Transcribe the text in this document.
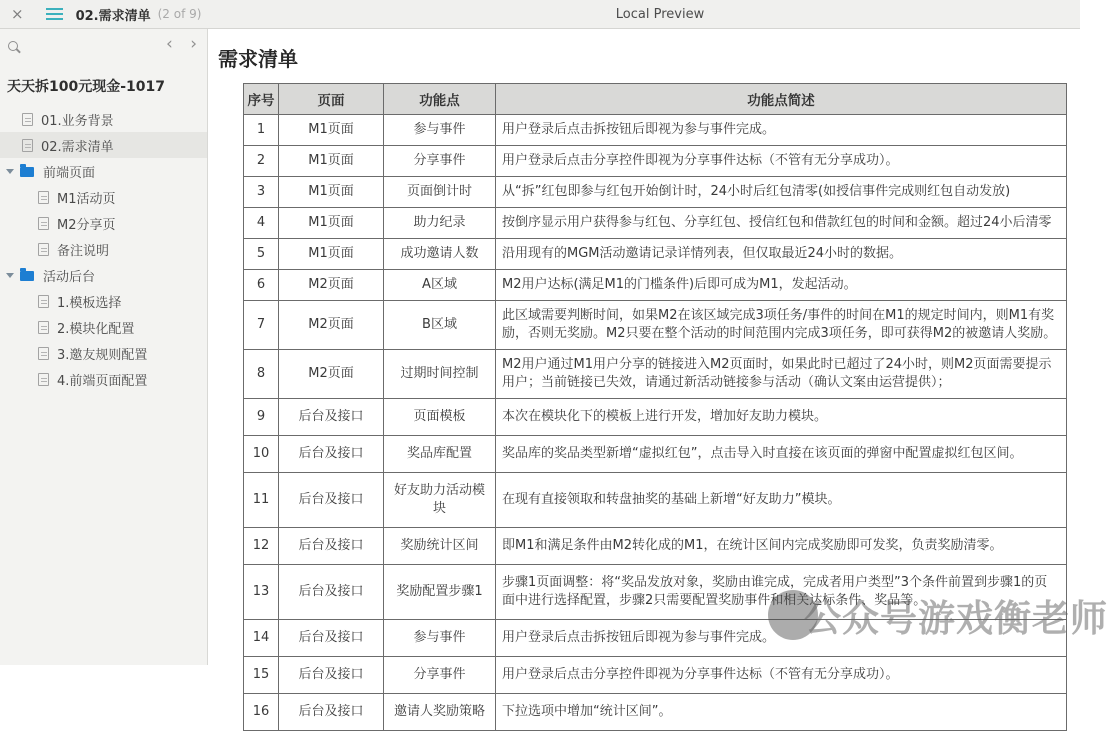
×	02.需求清单 (2 of 9)	Local Preview
‹ ›
天天拆100元现金-1017
01.业务背景
02.需求清单
前端页面
M1活动页
M2分享页
备注说明
活动后台
1.模板选择
2.模块化配置
3.邀友规则配置
4.前端页面配置
需求清单
序号	页面	功能点	功能点简述
1	M1页面	参与事件	用户登录后点击拆按钮后即视为参与事件完成。
2	M1页面	分享事件	用户登录后点击分享控件即视为分享事件达标（不管有无分享成功）。
3	M1页面	页面倒计时	从“拆”红包即参与红包开始倒计时，24小时后红包清零(如授信事件完成则红包自动发放)
4	M1页面	助力纪录	按倒序显示用户获得参与红包、分享红包、授信红包和借款红包的时间和金额。超过24小后清零
5	M1页面	成功邀请人数	沿用现有的MGM活动邀请记录详情列表，但仅取最近24小时的数据。
6	M2页面	A区域	M2用户达标(满足M1的门槛条件)后即可成为M1，发起活动。
7	M2页面	B区域	此区域需要判断时间，如果M2在该区域完成3项任务/事件的时间在M1的规定时间内，则M1有奖励，否则无奖励。M2只要在整个活动的时间范围内完成3项任务，即可获得M2的被邀请人奖励。
8	M2页面	过期时间控制	M2用户通过M1用户分享的链接进入M2页面时，如果此时已超过了24小时，则M2页面需要提示用户；当前链接已失效，请通过新活动链接参与活动（确认文案由运营提供）；
9	后台及接口	页面模板	本次在模块化下的模板上进行开发，增加好友助力模块。
10	后台及接口	奖品库配置	奖品库的奖品类型新增“虚拟红包”，点击导入时直接在该页面的弹窗中配置虚拟红包区间。
11	后台及接口	好友助力活动模块	在现有直接领取和转盘抽奖的基础上新增“好友助力”模块。
12	后台及接口	奖励统计区间	即M1和满足条件由M2转化成的M1，在统计区间内完成奖励即可发奖，负责奖励清零。
13	后台及接口	奖励配置步骤1	步骤1页面调整：将“奖品发放对象，奖励由谁完成，完成者用户类型”3个条件前置到步骤1的页面中进行选择配置，步骤2只需要配置奖励事件和相关达标条件、奖品等。
14	后台及接口	参与事件	用户登录后点击拆按钮后即视为参与事件完成。
15	后台及接口	分享事件	用户登录后点击分享控件即视为分享事件达标（不管有无分享成功）。
16	后台及接口	邀请人奖励策略	下拉选项中增加“统计区间”。
公众号游戏衡老师
